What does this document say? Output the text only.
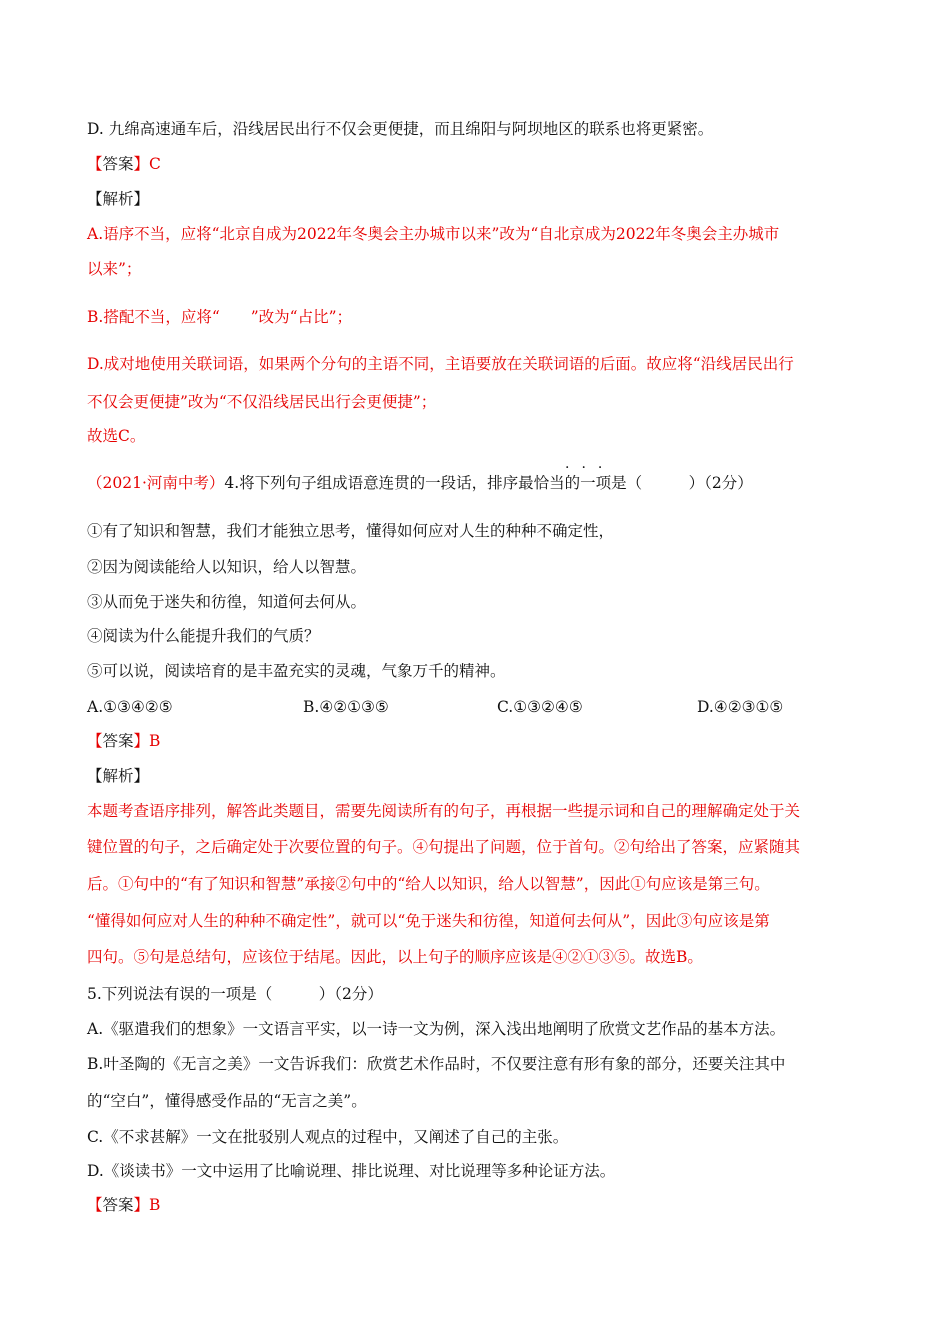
D. 九绵高速通车后，沿线居民出行不仅会更便捷，而且绵阳与阿坝地区的联系也将更紧密。
【答案】C
【解析】
A.语序不当，应将“北京自成为2022年冬奥会主办城市以来”改为“自北京成为2022年冬奥会主办城市
以来”；
B.搭配不当，应将“　　”改为“占比”；
D.成对地使用关联词语，如果两个分句的主语不同，主语要放在关联词语的后面。故应将“沿线居民出行
不仅会更便捷”改为“不仅沿线居民出行会更便捷”；
故选C。
···
（2021·河南中考）4.将下列句子组成语意连贯的一段话，排序最恰当的一项是（　　　）（2分）
①有了知识和智慧，我们才能独立思考，懂得如何应对人生的种种不确定性，
②因为阅读能给人以知识，给人以智慧。
③从而免于迷失和彷徨，知道何去何从。
④阅读为什么能提升我们的气质？
⑤可以说，阅读培育的是丰盈充实的灵魂，气象万千的精神。
A.①③④②⑤	B.④②①③⑤	C.①③②④⑤	D.④②③①⑤
【答案】B
【解析】
本题考查语序排列，解答此类题目，需要先阅读所有的句子，再根据一些提示词和自己的理解确定处于关
键位置的句子，之后确定处于次要位置的句子。④句提出了问题，位于首句。②句给出了答案，应紧随其
后。①句中的“有了知识和智慧”承接②句中的“给人以知识，给人以智慧”，因此①句应该是第三句。
“懂得如何应对人生的种种不确定性”，就可以“免于迷失和彷徨，知道何去何从”，因此③句应该是第
四句。⑤句是总结句，应该位于结尾。因此，以上句子的顺序应该是④②①③⑤。故选B。
5.下列说法有误的一项是（　　　）（2分）
A.《驱遣我们的想象》一文语言平实，以一诗一文为例，深入浅出地阐明了欣赏文艺作品的基本方法。
B.叶圣陶的《无言之美》一文告诉我们：欣赏艺术作品时，不仅要注意有形有象的部分，还要关注其中
的“空白”，懂得感受作品的“无言之美”。
C.《不求甚解》一文在批驳别人观点的过程中，又阐述了自己的主张。
D.《谈读书》一文中运用了比喻说理、排比说理、对比说理等多种论证方法。
【答案】B
